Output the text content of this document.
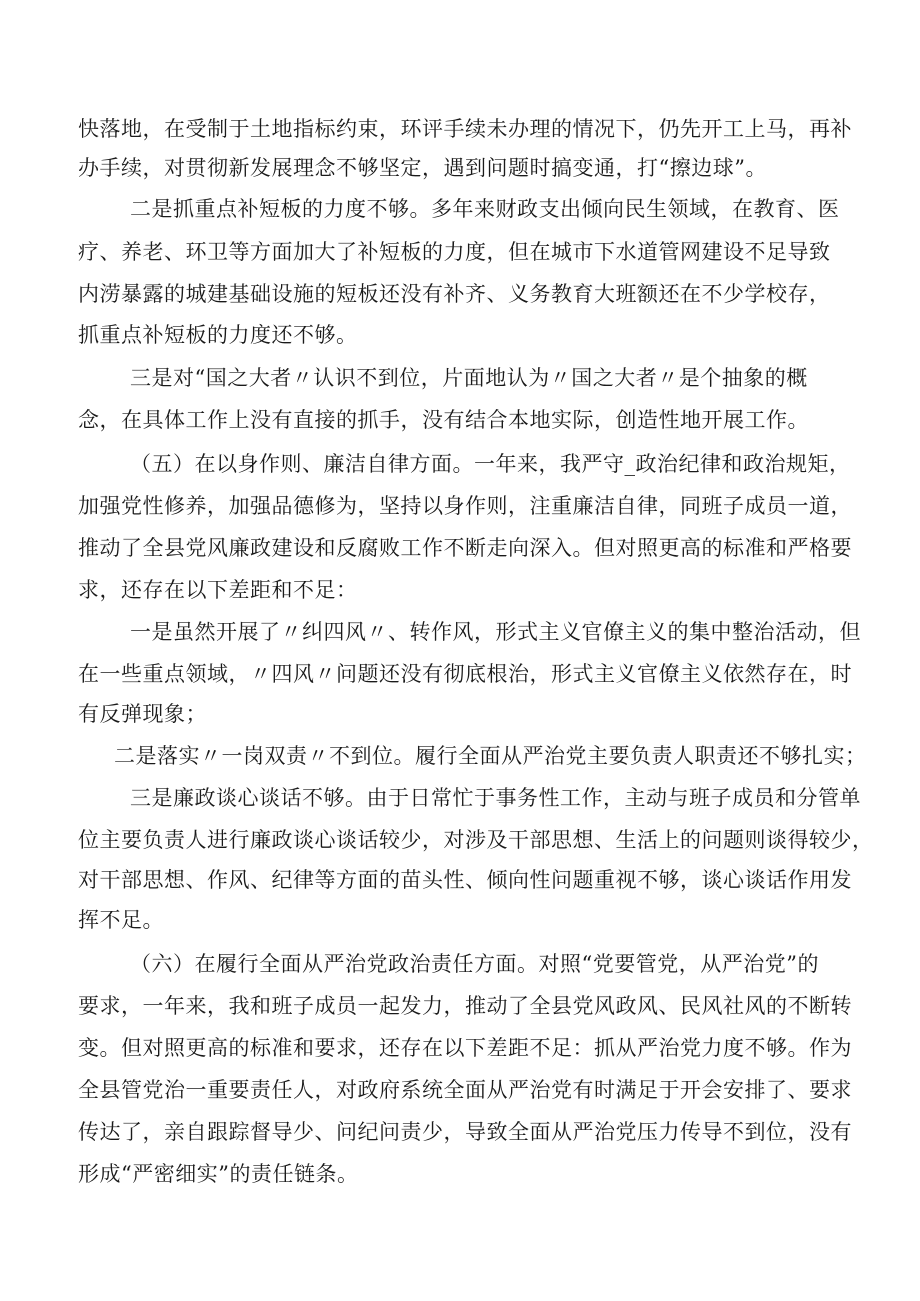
快落地，在受制于土地指标约束，环评手续未办理的情况下，仍先开工上马，再补

办手续，对贯彻新发展理念不够坚定，遇到问题时搞变通，打“擦边球”。

二是抓重点补短板的力度不够。多年来财政支出倾向民生领域，在教育、医

疗、养老、环卫等方面加大了补短板的力度，但在城市下水道管网建设不足导致

内涝暴露的城建基础设施的短板还没有补齐、义务教育大班额还在不少学校存，

抓重点补短板的力度还不够。

三是对“国之大者〃认识不到位，片面地认为〃国之大者〃是个抽象的概

念，在具体工作上没有直接的抓手，没有结合本地实际，创造性地开展工作。

（五）在以身作则、廉洁自律方面。一年来，我严守_政治纪律和政治规矩，

加强党性修养，加强品德修为，坚持以身作则，注重廉洁自律，同班子成员一道，

推动了全县党风廉政建设和反腐败工作不断走向深入。但对照更高的标准和严格要

求，还存在以下差距和不足：

一是虽然开展了〃纠四风〃、转作风，形式主义官僚主义的集中整治活动，但

在一些重点领域，〃四风〃问题还没有彻底根治，形式主义官僚主义依然存在，时

有反弹现象；

二是落实〃一岗双责〃不到位。履行全面从严治党主要负责人职责还不够扎实；

三是廉政谈心谈话不够。由于日常忙于事务性工作，主动与班子成员和分管单

位主要负责人进行廉政谈心谈话较少，对涉及干部思想、生活上的问题则谈得较少，

对干部思想、作风、纪律等方面的苗头性、倾向性问题重视不够，谈心谈话作用发

挥不足。

（六）在履行全面从严治党政治责任方面。对照“党要管党，从严治党”的

要求，一年来，我和班子成员一起发力，推动了全县党风政风、民风社风的不断转

变。但对照更高的标准和要求，还存在以下差距不足：抓从严治党力度不够。作为

全县管党治一重要责任人，对政府系统全面从严治党有时满足于开会安排了、要求

传达了，亲自跟踪督导少、问纪问责少，导致全面从严治党压力传导不到位，没有

形成“严密细实”的责任链条。
